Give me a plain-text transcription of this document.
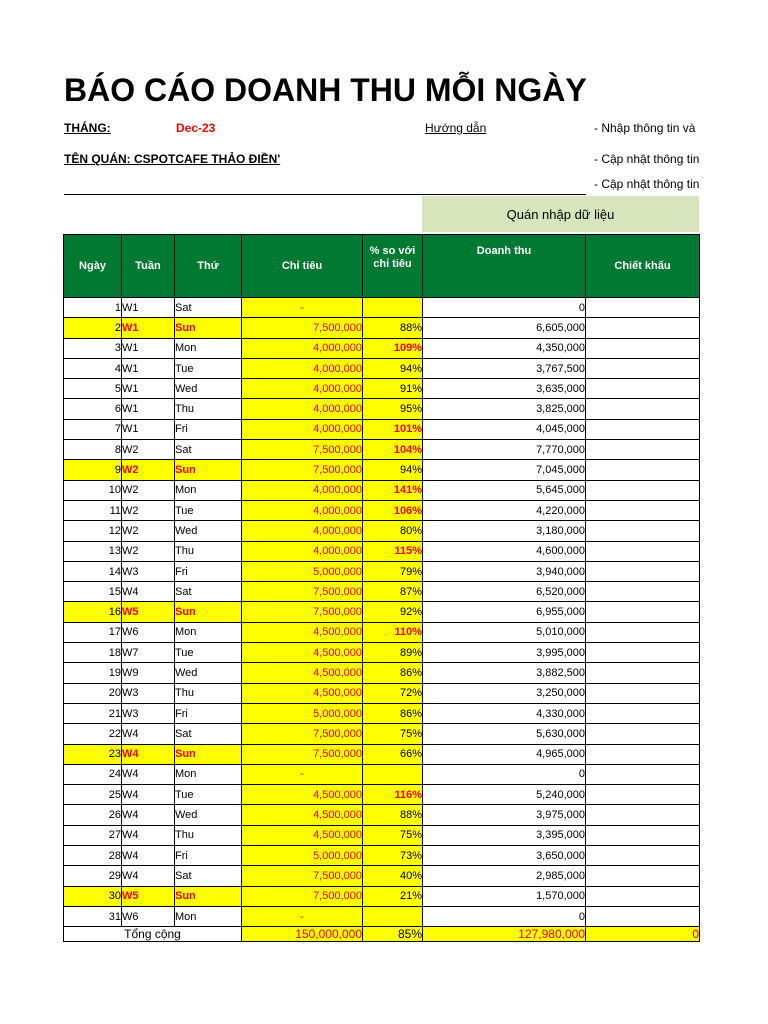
BÁO CÁO DOANH THU MỖI NGÀY
THÁNG:	Dec-23	Hướng dẫn
TÊN QUÁN: CSPOTCAFE THẢO ĐIỀN'
- Nhập thông tin và
- Cập nhật thông tin
- Cập nhật thông tin
Quán nhập dữ liệu
Ngày	Tuần	Thứ	Chỉ tiêu	% so với chỉ tiêu	Doanh thu	Chiết khấu
1	W1	Sat	-		0	
2	W1	Sun	7,500,000	88%	6,605,000	
3	W1	Mon	4,000,000	109%	4,350,000	
4	W1	Tue	4,000,000	94%	3,767,500	
5	W1	Wed	4,000,000	91%	3,635,000	
6	W1	Thu	4,000,000	95%	3,825,000	
7	W1	Fri	4,000,000	101%	4,045,000	
8	W2	Sat	7,500,000	104%	7,770,000	
9	W2	Sun	7,500,000	94%	7,045,000	
10	W2	Mon	4,000,000	141%	5,645,000	
11	W2	Tue	4,000,000	106%	4,220,000	
12	W2	Wed	4,000,000	80%	3,180,000	
13	W2	Thu	4,000,000	115%	4,600,000	
14	W3	Fri	5,000,000	79%	3,940,000	
15	W4	Sat	7,500,000	87%	6,520,000	
16	W5	Sun	7,500,000	92%	6,955,000	
17	W6	Mon	4,500,000	110%	5,010,000	
18	W7	Tue	4,500,000	89%	3,995,000	
19	W9	Wed	4,500,000	86%	3,882,500	
20	W3	Thu	4,500,000	72%	3,250,000	
21	W3	Fri	5,000,000	86%	4,330,000	
22	W4	Sat	7,500,000	75%	5,630,000	
23	W4	Sun	7,500,000	66%	4,965,000	
24	W4	Mon	-		0	
25	W4	Tue	4,500,000	116%	5,240,000	
26	W4	Wed	4,500,000	88%	3,975,000	
27	W4	Thu	4,500,000	75%	3,395,000	
28	W4	Fri	5,000,000	73%	3,650,000	
29	W4	Sat	7,500,000	40%	2,985,000	
30	W5	Sun	7,500,000	21%	1,570,000	
31	W6	Mon	-		0	
Tổng cộng			150,000,000	85%	127,980,000	0
